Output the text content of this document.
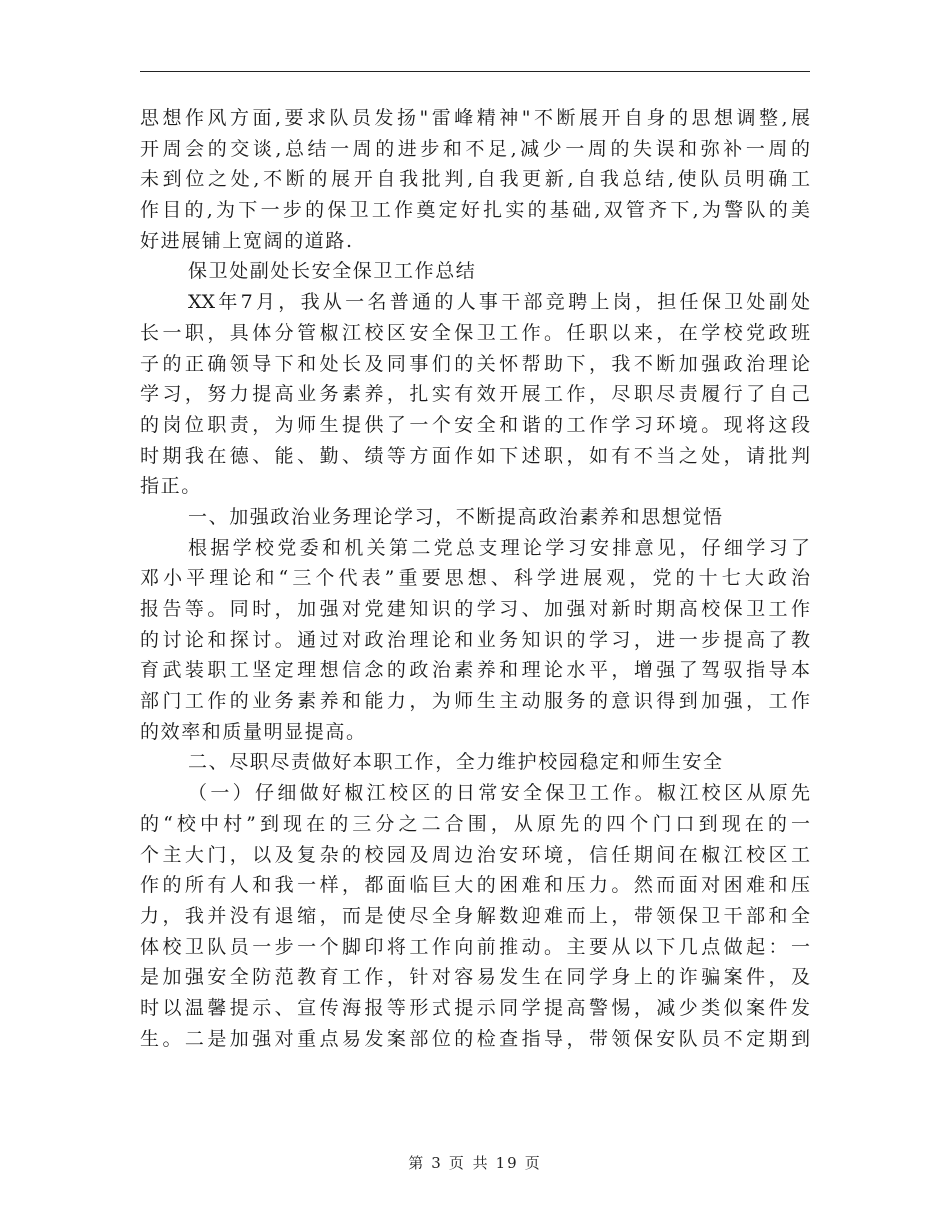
思想作风方面,要求队员发扬"雷峰精神"不断展开自身的思想调整,展
开周会的交谈,总结一周的进步和不足,减少一周的失误和弥补一周的
未到位之处,不断的展开自我批判,自我更新,自我总结,使队员明确工
作目的,为下一步的保卫工作奠定好扎实的基础,双管齐下,为警队的美
好进展铺上宽阔的道路.
保卫处副处长安全保卫工作总结
XX年7月，我从一名普通的人事干部竞聘上岗，担任保卫处副处
长一职，具体分管椒江校区安全保卫工作。任职以来，在学校党政班
子的正确领导下和处长及同事们的关怀帮助下，我不断加强政治理论
学习，努力提高业务素养，扎实有效开展工作，尽职尽责履行了自己
的岗位职责，为师生提供了一个安全和谐的工作学习环境。现将这段
时期我在德、能、勤、绩等方面作如下述职，如有不当之处，请批判
指正。
一、加强政治业务理论学习，不断提高政治素养和思想觉悟
根据学校党委和机关第二党总支理论学习安排意见，仔细学习了
邓小平理论和“三个代表”重要思想、科学进展观，党的十七大政治
报告等。同时，加强对党建知识的学习、加强对新时期高校保卫工作
的讨论和探讨。通过对政治理论和业务知识的学习，进一步提高了教
育武装职工坚定理想信念的政治素养和理论水平，增强了驾驭指导本
部门工作的业务素养和能力，为师生主动服务的意识得到加强，工作
的效率和质量明显提高。
二、尽职尽责做好本职工作，全力维护校园稳定和师生安全
（一）仔细做好椒江校区的日常安全保卫工作。椒江校区从原先
的“校中村”到现在的三分之二合围，从原先的四个门口到现在的一
个主大门，以及复杂的校园及周边治安环境，信任期间在椒江校区工
作的所有人和我一样，都面临巨大的困难和压力。然而面对困难和压
力，我并没有退缩，而是使尽全身解数迎难而上，带领保卫干部和全
体校卫队员一步一个脚印将工作向前推动。主要从以下几点做起：一
是加强安全防范教育工作，针对容易发生在同学身上的诈骗案件，及
时以温馨提示、宣传海报等形式提示同学提高警惕，减少类似案件发
生。二是加强对重点易发案部位的检查指导，带领保安队员不定期到
第 3 页 共 19 页
